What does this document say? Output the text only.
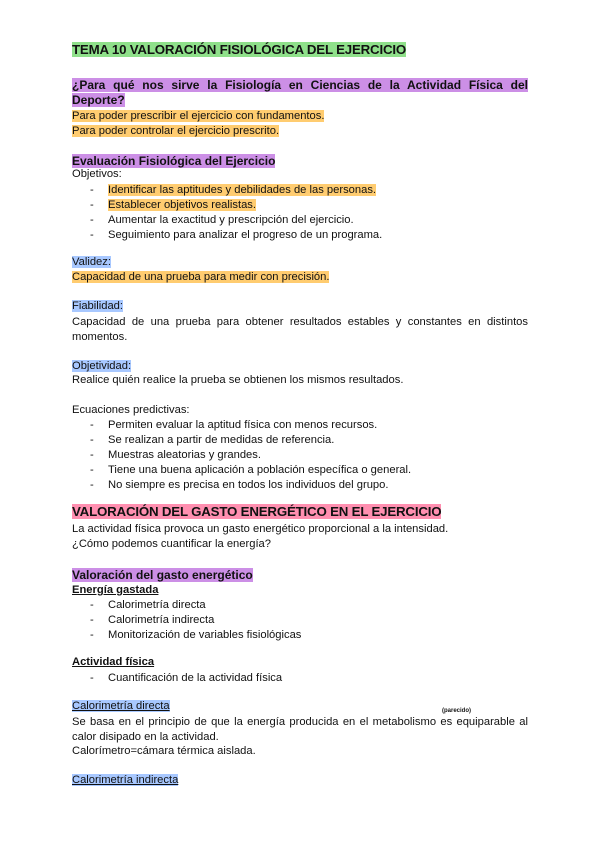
TEMA 10 VALORACIÓN FISIOLÓGICA DEL EJERCICIO
¿Para qué nos sirve la Fisiología en Ciencias de la Actividad Física del Deporte?
Para poder prescribir el ejercicio con fundamentos.
Para poder controlar el ejercicio prescrito.
Evaluación Fisiológica del Ejercicio
Objetivos:
- Identificar las aptitudes y debilidades de las personas.
- Establecer objetivos realistas.
- Aumentar la exactitud y prescripción del ejercicio.
- Seguimiento para analizar el progreso de un programa.
Validez:
Capacidad de una prueba para medir con precisión.
Fiabilidad:
Capacidad de una prueba para obtener resultados estables y constantes en distintos momentos.
Objetividad:
Realice quién realice la prueba se obtienen los mismos resultados.
Ecuaciones predictivas:
- Permiten evaluar la aptitud física con menos recursos.
- Se realizan a partir de medidas de referencia.
- Muestras aleatorias y grandes.
- Tiene una buena aplicación a población específica o general.
- No siempre es precisa en todos los individuos del grupo.
VALORACIÓN DEL GASTO ENERGÉTICO EN EL EJERCICIO
La actividad física provoca un gasto energético proporcional a la intensidad.
¿Cómo podemos cuantificar la energía?
Valoración del gasto energético
Energía gastada
- Calorimetría directa
- Calorimetría indirecta
- Monitorización de variables fisiológicas
Actividad física
- Cuantificación de la actividad física
Calorimetría directa	(parecido)
Se basa en el principio de que la energía producida en el metabolismo es equiparable al calor disipado en la actividad.
Calorímetro=cámara térmica aislada.
Calorimetría indirecta
